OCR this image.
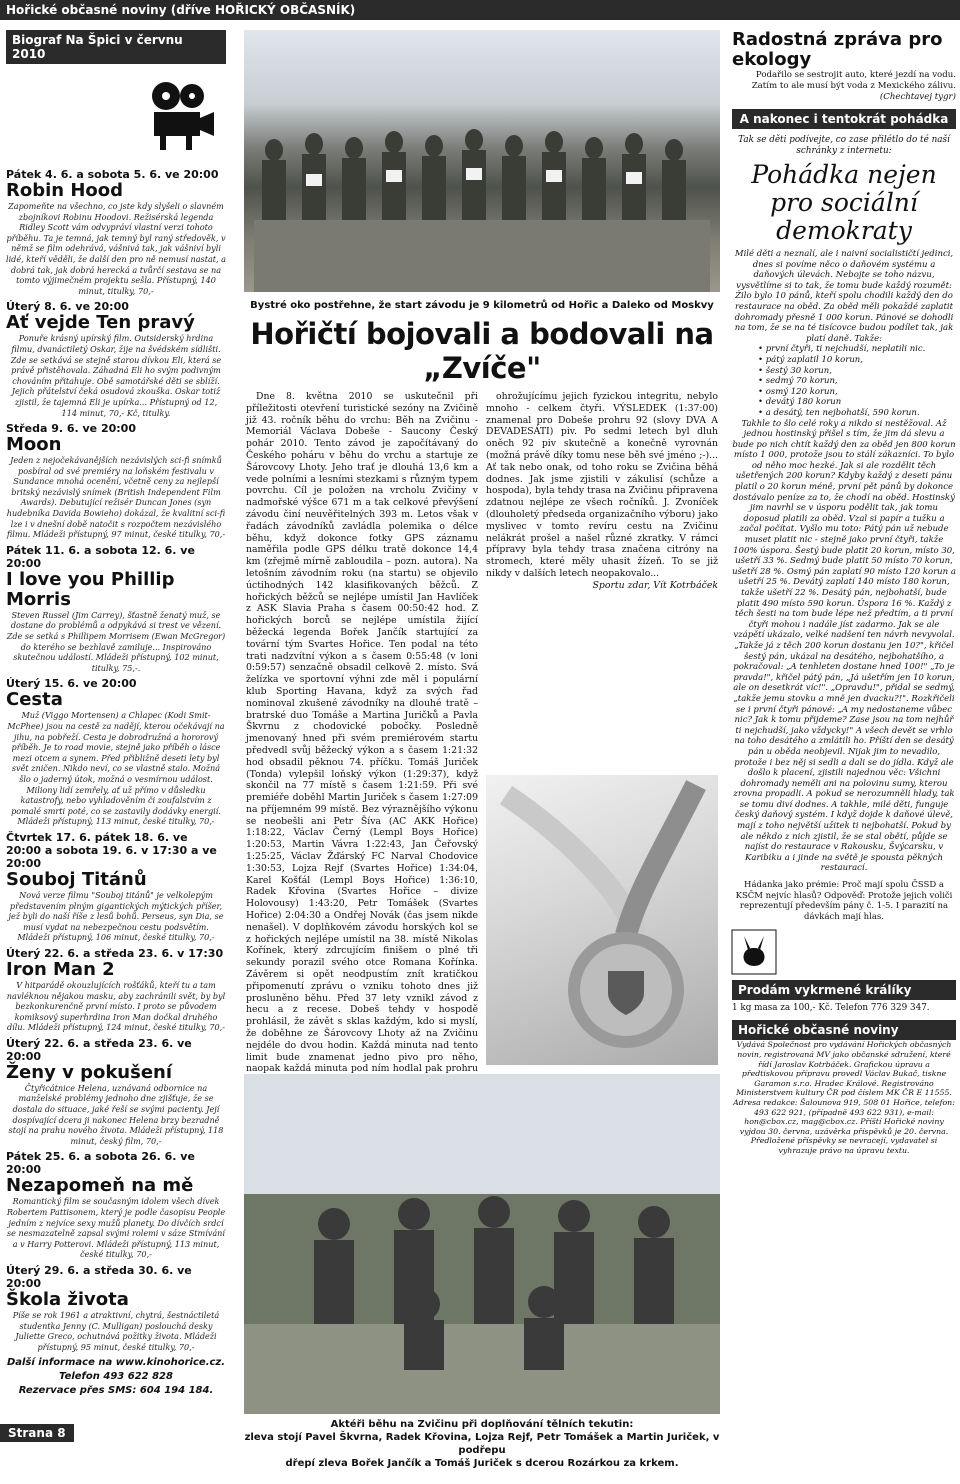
Hořické občasné noviny (dříve HOŘICKÝ OBČASNÍK)
Biograf Na Špici v červnu 2010
Pátek 4. 6. a sobota 5. 6. ve 20:00
Robin Hood
Zapomeňte na všechno, co jste kdy slyšeli o slavném zbojníkovi Robinu Hoodovi. Režisérská legenda Ridley Scott vám odvypráví vlastní verzi tohoto příběhu. Ta je temná, jak temný byl raný středověk, v němž se film odehrává, vášnivá tak, jak vášniví byli lidé, kteří věděli, že další den pro ně nemusí nastat, a dobrá tak, jak dobrá herecká a tvůrčí sestava se na tomto výjimečném projektu sešla. Přístupný, 140 minut, titulky, 70,-
Úterý 8. 6. ve 20:00
Ať vejde Ten pravý
Ponuře krásný upírský film. Outsiderský hrdina filmu, dvanáctiletý Oskar, žije na švédském sídlišti. Zde se setkává se stejně starou dívkou Eli, která se právě přistěhovala. Záhadná Eli ho svým podivným chováním přitahuje. Obě samotářské děti se sblíží. Jejich přátelství čeká osudová zkouška. Oskar totiž zjistil, že tajemná Eli je upírka... Přístupný od 12, 114 minut, 70,- Kč, titulky.
Středa 9. 6. ve 20:00
Moon
Jeden z nejočekávanějších nezávislých sci-fi snímků posbíral od své premiéry na loňském festivalu v Sundance mnohá ocenění, včetně ceny za nejlepší britský nezávislý snímek (British Independent Film Awards). Debutující režisér Duncan Jones (syn hudebníka Davida Bowieho) dokázal, že kvalitní sci-fi lze i v dnešní době natočit s rozpočtem nezávislého filmu. Mládeži přístupný, 97 minut, české titulky, 70,-
Pátek 11. 6. a sobota 12. 6. ve 20:00
I love you Phillip Morris
Steven Russel (Jim Carrey), šťastně ženatý muž, se dostane do problémů a odpykává si trest ve vězení. Zde se setká s Phillipem Morrisem (Ewan McGregor) do kterého se bezhlavě zamiluje... Inspirováno skutečnou událostí. Mládeži přístupný, 102 minut, titulky, 75,-.
Úterý 15. 6. ve 20:00
Cesta
Muž (Viggo Mortensen) a Chlapec (Kodi Smit-McPhee) jsou na cestě za nadějí, kterou očekávají na jihu, na pobřeží. Cesta je dobrodružná a hororový příběh. Je to road movie, stejně jako příběh o lásce mezi otcem a synem. Před přibližně deseti lety byl svět zničen. Nikdo neví, co se vlastně stalo. Možná šlo o jaderný útok, možná o vesmírnou událost. Miliony lidí zemřely, ať už přímo v důsledku katastrofy, nebo vyhladověním či zoufalstvím z pomalé smrti poté, co se zastavily dodávky energií. Mládeži přístupný, 113 minut, české titulky, 70,-
Čtvrtek 17. 6. pátek 18. 6. ve 20:00 a sobota 19. 6. v 17:30 a ve 20:00
Souboj Titánů
Nová verze filmu "Souboj titánů" je velkolepým představením plným gigantických mýtických příšer, jež byli do naší říše z lesů bohů. Perseus, syn Dia, se musí vydat na nebezpečnou cestu podsvětím. Mládeži přístupný, 106 minut, české titulky, 70,-
Úterý 22. 6. a středa 23. 6. v 17:30
Iron Man 2
V hitparádě okouzlujících rošťáků, kteří tu a tam navléknou nějakou masku, aby zachránili svět, by byl bezkonkurenčně první místo. I proto se původem komiksový superhrdina Iron Man dočkal druhého dílu. Mládeži přístupný, 124 minut, české titulky, 70,-
Úterý 22. 6. a středa 23. 6. ve 20:00
Ženy v pokušení
Čtyřicátnice Helena, uznávaná odbornice na manželské problémy jednoho dne zjišťuje, že se dostala do situace, jaké řeší se svými pacienty. Její dospívající dcera ji nakonec Helena brzy bezradně stojí na prahu nového života. Mládeži přístupný, 118 minut, český film, 70,-
Pátek 25. 6. a sobota 26. 6. ve 20:00
Nezapomeň na mě
Romantický film se současným idolem všech dívek Robertem Pattisonem, který je podle časopisu People jedním z nejvíce sexy mužů planety. Do dívčích srdcí se nesmazatelně zapsal svými rolemi v sáze Stmívání a v Harry Potterovi. Mládeži přístupný, 113 minut, české titulky, 70,-
Úterý 29. 6. a středa 30. 6. ve 20:00
Škola života
Píše se rok 1961 a atraktivní, chytrá, šestnáctiletá studentka Jenny (C. Mulligan) poslouchá desky Juliette Greco, ochutnává požitky života. Mládeži přístupný, 95 minut, české titulky, 70,-
Další informace na www.kinohorice.cz.
Telefon 493 622 828
Rezervace přes SMS: 604 194 184.
Strana 8
Bystré oko postřehne, že start závodu je 9 kilometrů od Hořic a Daleko od Moskvy
Hořičtí bojovali a bodovali na „Zvíče"

Dne 8. května 2010 se uskutečnil při příležitosti otevření turistické sezóny na Zvičině již 43. ročník běhu do vrchu: Běh na Zvičinu - Memoriál Václava Dobeše - Saucony Český pohár 2010. Tento závod je započítávaný do Českého poháru v běhu do vrchu a startuje ze Šárovcovy Lhoty. Jeho trať je dlouhá 13,6 km a vede polními a lesními stezkami s různým typem povrchu. Cíl je položen na vrcholu Zvičiny v nadmořské výšce 671 m a tak celkové převýšení závodu činí neuvěřitelných 393 m. Letos však v řadách závodníků zavládla polemika o délce běhu, když dokonce fotky GPS záznamu naměřila podle GPS délku tratě dokonce 14,4 km (zřejmě mírně zabloudila – pozn. autora). Na letošním závodním roku (na startu) se objevilo úctihodných 142 klasifikovaných běžců. Z hořických běžců se nejlépe umístil Jan Havlíček z ASK Slavia Praha s časem 00:50:42 hod. Z hořických borců se nejlépe umístila žijící běžecká legenda Bořek Jančík startující za tovární tým Svartes Hořice. Ten podal na této trati nadzvítní výkon a s časem 0:55:48 (v loni 0:59:57) senzačně obsadil celkově 2. místo. Svá želízka ve sportovní výhni zde měl i populární klub Sporting Havana, když za svých řad nominoval zkušené závodníky na dlouhé tratě – bratrské duo Tomáše a Martina Juričků a Pavla Škvrnu z chodovické pobočky. Posledně jmenovaný hned při svém premiérovém startu předvedl svůj běžecký výkon a s časem 1:21:32 hod obsadil pěknou 74. příčku. Tomáš Juriček (Tonda) vylepšil loňský výkon (1:29:37), když skončil na 77 místě s časem 1:21:59. Při své premiéře doběhl Martin Juriček s časem 1:27:09 na příjemném 99 místě. Bez výraznějšího výkonu se neobešli ani Petr Šíva (AC AKK Hořice) 1:18:22, Václav Černý (Lempl Boys Hořice) 1:20:53, Martin Vávra 1:22:43, Jan Čeřovský 1:25:25, Václav Žďárský FC Narval Chodovice 1:30:53, Lojza Rejf (Svartes Hořice) 1:34:04, Karel Košťál (Lempl Boys Hořice) 1:36:10, Radek Křovina (Svartes Hořice – divize Holovousy) 1:43:20, Petr Tomášek (Svartes Hořice) 2:04:30 a Ondřej Novák (čas jsem nikde nenašel). V doplňkovém závodu horských kol se z hořických nejlépe umístil na 38. místě Nikolas Kořínek, který zdrcujícím finišem o plné tři sekundy porazil svého otce Romana Kořínka. Závěrem si opět neodpustím znít kratičkou připomenutí zprávu o vzniku tohoto dnes již prosluněno běhu. Před 37 lety vznikl závod z hecu a z recese. Dobeš tehdy v hospodě prohlásil, že závět s sklas každým, kdo si myslí, že doběhne ze Šárovcovy Lhoty až na Zvičinu nejdéle do dvou hodin. Každá minuta nad tento limit bude znamenat jedno pivo pro něho, naopak každá minuta pod ním hodlal pak prohru

ohrožujícímu jejich fyzickou integritu, nebylo mnoho - celkem čtyři. VÝSLEDEK (1:37:00) znamenal pro Dobeše prohru 92 (slovy DVA A DEVADESÁTI) piv. Po sedmi letech byl dluh oněch 92 piv skutečně a konečně vyrovnán (možná právě díky tomu nese běh své jméno ;-)... Ať tak nebo onak, od toho roku se Zvičina běhá dodnes. Jak jsme zjistili v zákulisí (schůze a hospoda), byla tehdy trasa na Zvičinu připravena zdatnou nejlépe ze všech ročníků. J. Zvoníček (dlouholetý předseda organizačního výboru) jako myslivec v tomto revíru cestu na Zvičinu nelákrát prošel a našel různé zkratky. V rámci přípravy byla tehdy trasa značena citróny na stromech, které měly uhasit žízeň. To se již nikdy v dalších letech neopakovalo...

Sportu zdar, Vít Kotrbáček

Aktéři běhu na Zvičinu při doplňování tělních tekutin:
zleva stojí Pavel Škvrna, Radek Křovina, Lojza Rejf, Petr Tomášek a Martin Juriček, v podřepu
dřepí zleva Bořek Jančík a Tomáš Juriček s dcerou Rozárkou za krkem.
Radostná zpráva pro ekology
Podařilo se sestrojit auto, které jezdí na vodu. Zatím to ale musí být voda z Mexického zálivu.
(Chechtavej tygr)
A nakonec i tentokrát pohádka
Tak se děti podívejte, co zase přilétlo do té naší schránky z internetu:
Pohádka nejen pro sociální demokraty
Milé děti a neznalí, ale i naivní socialističtí jedinci, dnes si povíme něco o daňovém systému a daňových úlevách. Nebojte se toho názvu, vysvětlíme si to tak, že tomu bude každý rozumět: Žilo bylo 10 pánů, kteří spolu chodili každý den do restaurace na oběd. Za oběd měli pokaždé zaplatit dohromady přesně 1 000 korun. Pánové se dohodli na tom, že se na té tisícovce budou podílet tak, jak platí daně. Takže:
• první čtyři, ti nejchudší, neplatili nic.
• pátý zaplatil 10 korun,
• šestý 30 korun,
• sedmý 70 korun,
• osmý 120 korun,
• devátý 180 korun
• a desátý, ten nejbohatší, 590 korun.
Takhle to šlo celé roky a nikdo si nestěžoval. Až jednou hostinský přišel s tím, že jim dá slevu a bude po nich chtít každý den za oběd jen 800 korun místo 1 000, protože jsou to stálí zákazníci. To bylo od něho moc hezké. Jak si ale rozdělit těch ušetřených 200 korun? Kdyby každý z deseti pánu platil o 20 korun méně, první pět pánů by dokonce dostávalo peníze za to, že chodí na oběd. Hostinský jim navrhl se v úsporu podělit tak, jak tomu doposud platili za oběd. Vzal si papír a tužku a začal počítat. Vyšlo mu toto: Pátý pán už nebude muset platit nic - stejně jako první čtyři, takže 100% úspora. Šestý bude platit 20 korun, místo 30, ušetří 33 %. Sedmý bude platit 50 místo 70 korun, ušetří 28 %. Osmý pán zaplatí 90 místo 120 korun a ušetří 25 %. Devátý zaplatí 140 místo 180 korun, takže ušetří 22 %. Desátý pán, nejbohatší, bude platit 490 místo 590 korun. Úspora 16 %. Každý z těch šesti na tom bude lépe než předtím, a ti první čtyři mohou i nadále jíst zadarmo. Jak se ale vzápětí ukázalo, velké nadšení ten návrh nevyvolal. „Takže já z těch 200 korun dostanu jen 10?", křičel šestý pán, ukázal na desátého, nejbohatšího, a pokračoval: „A tenhleten dostane hned 100!" „To je pravda!", křičel pátý pán, „Já ušetřím jen 10 korun, ale on desetkrát víc!". „Opravdu!", přidal se sedmý, „takže jemu stovku a mně jen dvacku?!". Rozkřičeli se i první čtyři pánové: „A my nedostaneme vůbec nic? Jak k tomu přijdeme? Zase jsou na tom nejhůř ti nejchudší, jako vždycky!" A všech devět se vrhlo na toho desátého a zmlátili ho. Příští den se desátý pán u oběda neobjevil. Nijak jim to nevadilo, protože i bez něj si sedli a dali se do jídla. Když ale došlo k placení, zjistili najednou věc: Všichni dohromady neměli ani na polovinu sumy, kterou zrovna propadli. A pokud se nerozumněli hlady, tak se tomu diví dodnes. A takhle, milé děti, funguje český daňový systém. I když dojde k daňové úlevě, mají z toho největší užitek ti nejbohatší. Pokud by ale někdo z nich zjistil, že se stal obětí, půjde se najíst do restaurace v Rakousku, Švýcarsku, v Karibiku a i jinde na světě je spousta pěkných restaurací.
Hádanka jako prémie: Proč mají spolu ČSSD a KSČM nejvíc hlasů? Odpověď: Protože jejich voliči reprezentují především pány č. 1-5. I parazití na dávkách mají hlas.
Prodám vykrmené králíky
1 kg masa za 100,- Kč. Telefon 776 329 347.
Hořické občasné noviny
Vydává Společnost pro vydávání Hořických občasných novin, registrovaná MV jako občanské sdružení, které řídí Jaroslav Kotrbáček. Grafickou úpravu a předtiskovou přípravu provedl Václav Bukač, tiskne Garamon s.r.o. Hradec Králové. Registrováno Ministerstvem kultury ČR pod číslem MK ČR E 11555. Adresa redakce: Šalounova 919, 508 01 Hořice, telefon: 493 622 921, (případně 493 622 931), e-mail: hon@cbox.cz, mag@cbox.cz. Příští Hořické noviny vyjdou 30. června, uzávěrka příspěvků je 20. června. Předložené příspěvky se nevracejí, vydavatel si vyhrazuje právo na úpravu textu.
